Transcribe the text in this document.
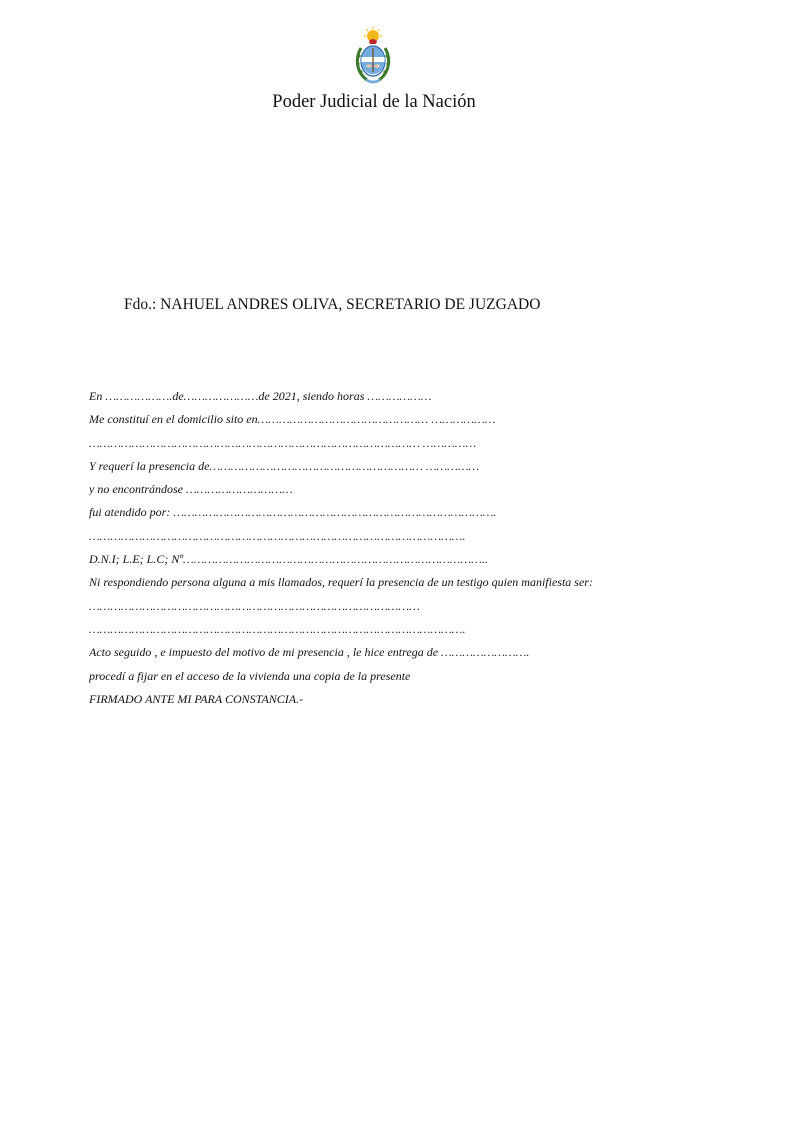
Poder Judicial de la Nación
Fdo.: NAHUEL ANDRES OLIVA, SECRETARIO DE JUZGADO
En ……………….de…………………de 2021, siendo horas ………………
Me constituí en el domicilio sito en………………………………………… ………………
………………………………………………………………………………… ……………
Y requerí la presencia de…………………………………………………… ……………
y no encontrándose …………………………
fui atendido por: ……………………………………………………………………………….
…………………………………………………………………………………………….
D.N.I; L.E; L.C; Nº…………………………………………………………………………..
Ni respondiendo persona alguna a mis llamados, requerí la presencia de un testigo quien manifiesta ser:
…………………………………………………………………………………
…………………………………………………………………………………………….
Acto seguido , e impuesto del motivo de mi presencia , le hice entrega de …………………….
procedí a fijar en el acceso de la vivienda una copia de la presente
FIRMADO ANTE MI PARA CONSTANCIA.-
